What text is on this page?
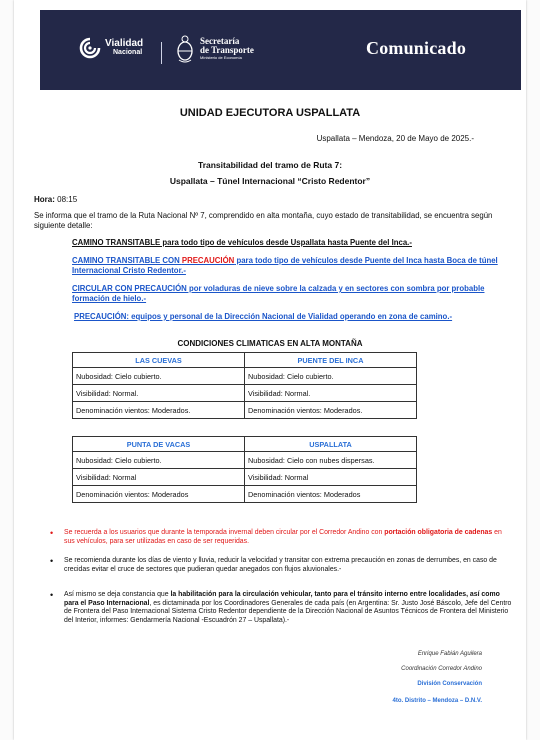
Vialidad
Nacional
Secretaría
de Transporte
Ministerio de Economía	Comunicado
UNIDAD EJECUTORA USPALLATA
Uspallata – Mendoza, 20 de Mayo de 2025.-
Transitabilidad del tramo de Ruta 7:
Uspallata – Túnel Internacional “Cristo Redentor”
Hora: 08:15
Se informa que el tramo de la Ruta Nacional Nº 7, comprendido en alta montaña, cuyo estado de transitabilidad, se encuentra según siguiente detalle:
CAMINO TRANSITABLE para todo tipo de vehículos desde Uspallata hasta Puente del Inca.-
CAMINO TRANSITABLE CON PRECAUCIÓN para todo tipo de vehículos desde Puente del Inca hasta Boca de túnel Internacional Cristo Redentor.-
CIRCULAR CON PRECAUCIÓN por voladuras de nieve sobre la calzada y en sectores con sombra por probable formación de hielo.-
PRECAUCIÓN: equipos y personal de la Dirección Nacional de Vialidad operando en zona de camino.-
CONDICIONES CLIMATICAS EN ALTA MONTAÑA
LAS CUEVAS	PUENTE DEL INCA
Nubosidad: Cielo cubierto.	Nubosidad: Cielo cubierto.
Visibilidad: Normal.	Visibilidad: Normal.
Denominación vientos: Moderados.	Denominación vientos: Moderados.
PUNTA DE VACAS	USPALLATA
Nubosidad: Cielo cubierto.	Nubosidad: Cielo con nubes dispersas.
Visibilidad: Normal	Visibilidad: Normal
Denominación vientos: Moderados	Denominación vientos: Moderados
•	Se recuerda a los usuarios que durante la temporada invernal deben circular por el Corredor Andino con portación obligatoria de cadenas en sus vehículos, para ser utilizadas en caso de ser requeridas.
•	Se recomienda durante los días de viento y lluvia, reducir la velocidad y transitar con extrema precaución en zonas de derrumbes, en caso de crecidas evitar el cruce de sectores que pudieran quedar anegados con flujos aluvionales.-
•	Así mismo se deja constancia que la habilitación para la circulación vehicular, tanto para el tránsito interno entre localidades, así como para el Paso Internacional, es dictaminada por los Coordinadores Generales de cada país (en Argentina: Sr. Justo José Báscolo, Jefe del Centro de Frontera del Paso Internacional Sistema Cristo Redentor dependiente de la Dirección Nacional de Asuntos Técnicos de Frontera del Ministerio del Interior, informes: Gendarmería Nacional -Escuadrón 27 – Uspallata).-
Enrique Fabián Aguilera
Coordinación Corredor Andino
División Conservación
4to. Distrito – Mendoza – D.N.V.
